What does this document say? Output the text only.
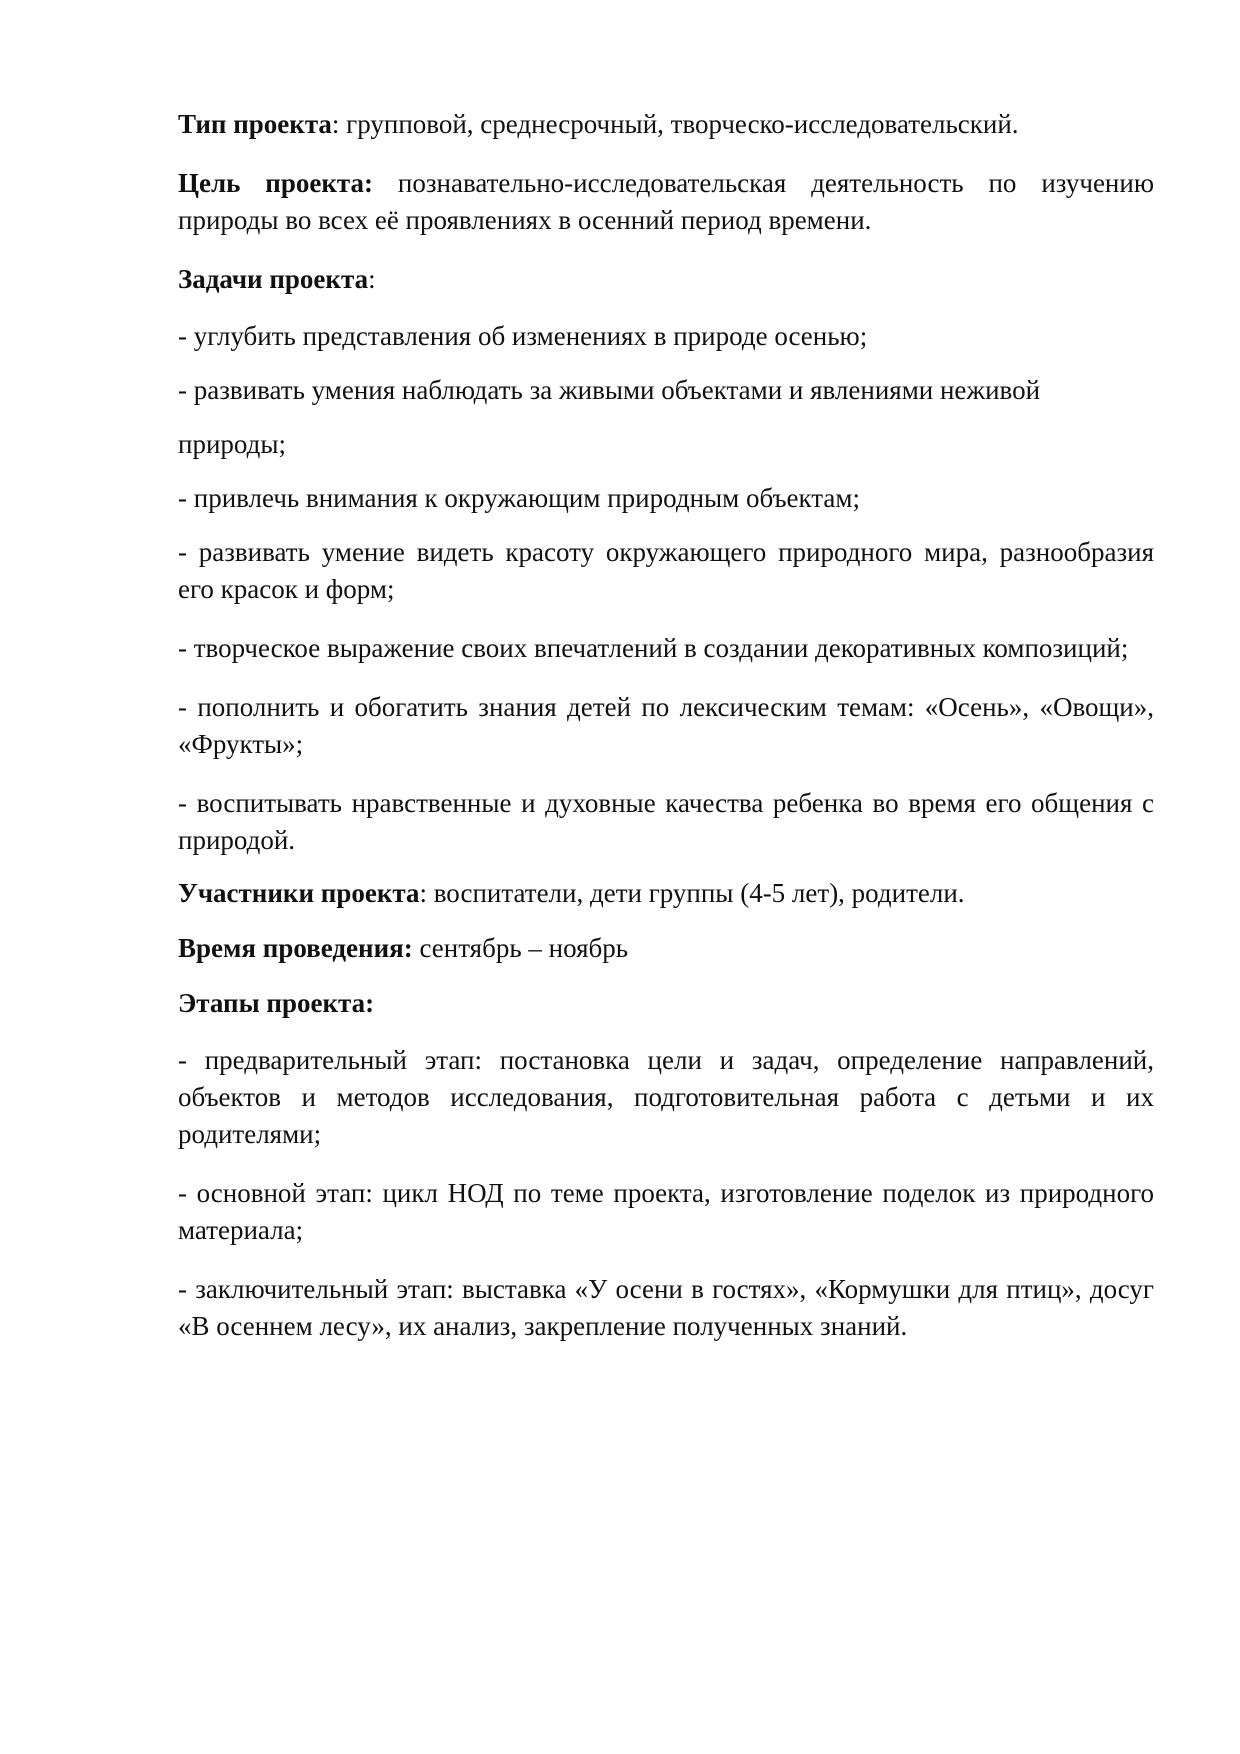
Тип проекта: групповой, среднесрочный, творческо-исследовательский.

Цель проекта: познавательно-исследовательская деятельность по изучению природы во всех её проявлениях в осенний период времени.

Задачи проекта:

- углубить представления об изменениях в природе осенью;

- развивать умения наблюдать за живыми объектами и явлениями неживой

природы;

- привлечь внимания к окружающим природным объектам;

- развивать умение видеть красоту окружающего природного мира, разнообразия его красок и форм;

- творческое выражение своих впечатлений в создании декоративных композиций;

- пополнить и обогатить знания детей по лексическим темам: «Осень», «Овощи», «Фрукты»;

- воспитывать нравственные и духовные качества ребенка во время его общения с природой.

Участники проекта: воспитатели, дети группы (4-5 лет), родители.

Время проведения: сентябрь – ноябрь

Этапы проекта:

- предварительный этап: постановка цели и задач, определение направлений, объектов и методов исследования, подготовительная работа с детьми и их родителями;

- основной этап: цикл НОД по теме проекта, изготовление поделок из природного материала;

- заключительный этап: выставка «У осени в гостях», «Кормушки для птиц», досуг «В осеннем лесу», их анализ, закрепление полученных знаний.
